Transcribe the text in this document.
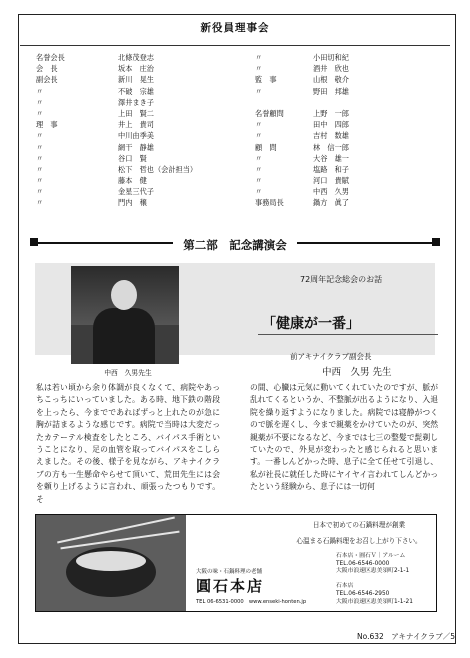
新役員理事会
名誉会長	北條茂登志
会　長	坂本　庄治
副会長	新川　晃生
〃	不破　宗雄
〃	澤井まき子
〃	上田　賢二
理　事	井上　貴司
〃	中川由季美
〃	網干　静雄
〃	谷口　賢
〃	松下　哲也（会計担当）
〃	藤本　健
〃	金星三代子
〃	門内　穣
〃	小田切和紀
〃	酒井　欣也
監　事	山根　敬介
〃	野田　邦雄
名誉顧問	上野　一郎
〃	田中　四郎
〃	吉村　数雄
顧　問	林　信一郎
〃	大谷　雄一
〃	塩路　和子
〃	河口　貴賦
〃	中西　久男
事務局長	鍋方　眞了
第二部　記念講演会
中西　久男先生
72周年記念総会のお話
「健康が一番」
前アキナイクラブ副会長
中西　久男 先生
私は若い頃から余り体調が良くなくて、病院やあっちこっちにいっていました。ある時、地下鉄の階段を上ったら、今までであればずっと上れたのが急に胸が詰まるような感じです。病院で当時は大変だったカテーテル検査をしたところ、バイパス手術ということになり、足の血管を取ってバイパスをこしらえました。その後、様子を見ながら、アキナイクラブの方も一生懸命やらせて頂いて、荒田先生には会を頼り上げるように言われ、頑張ったつもりです。そ
の間、心臓は元気に動いてくれていたのですが、脈が乱れてくるというか、不整脈が出るようになり、入退院を繰り返すようになりました。病院では寝静がつくので脈を遅くし、今まで親薬をかけていたのが、突然親薬が不要になるなど、今までは七三の整髪で髭剃していたので、外見が変わったと感じられると思います。一番しんどかった時、息子に全て任せて引退し、私が社長に就任した時にヤイヤイ言われてしんどかったという経験から、息子には一切何
日本で初めての石鍋料理が創業
心温まる石鍋料理をお召し上がり下さい。
大阪の味・石鍋料理の老舗
圓石本店
TEL 06-6531-0000　www.enseki-honten.jp
石本店・圓石Ｖ｜アルーム
TEL.06-6546-0000
大阪市浪速区恵美須町2-1-1

石本店
TEL.06-6546-2950
大阪市浪速区恵美須町1-1-21
No.632　アキナイクラブ／5
